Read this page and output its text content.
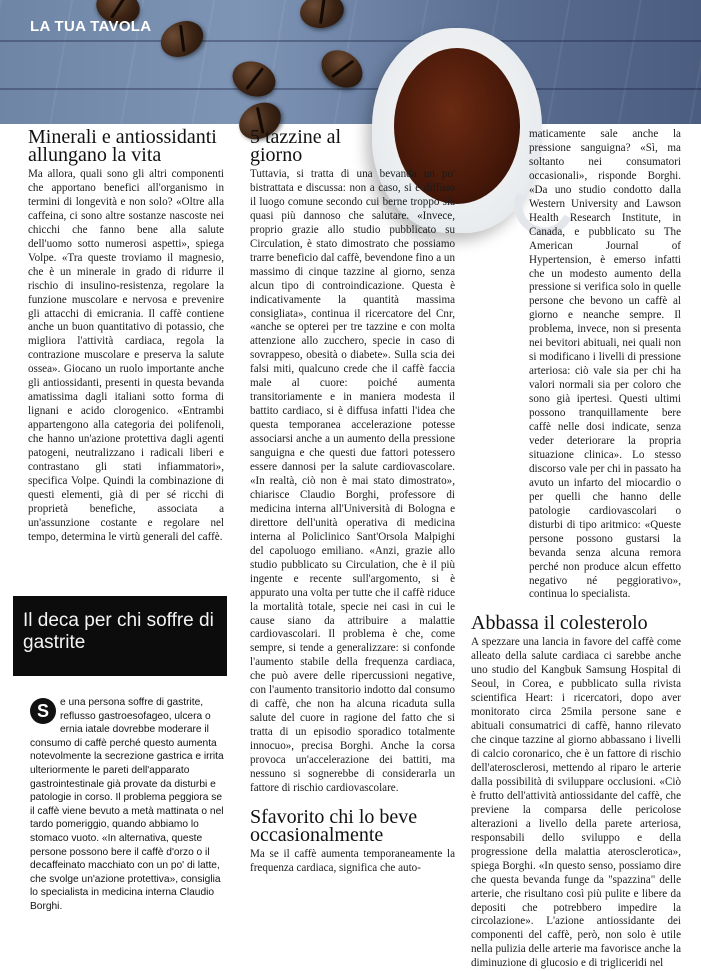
LA TUA TAVOLA
Minerali e antiossidanti allungano la vita

Ma allora, quali sono gli altri componenti che apportano benefici all'organismo in termini di longevità e non solo? «Oltre alla caffeina, ci sono altre sostanze nascoste nei chicchi che fanno bene alla salute dell'uomo sotto numerosi aspetti», spiega Volpe. «Tra queste troviamo il magnesio, che è un minerale in grado di ridurre il rischio di insulino-resistenza, regolare la funzione muscolare e nervosa e prevenire gli attacchi di emicrania. Il caffè contiene anche un buon quantitativo di potassio, che migliora l'attività cardiaca, regola la contrazione muscolare e preserva la salute ossea». Giocano un ruolo importante anche gli antiossidanti, presenti in questa bevanda amatissima dagli italiani sotto forma di lignani e acido clorogenico. «Entrambi appartengono alla categoria dei polifenoli, che hanno un'azione protettiva dagli agenti patogeni, neutralizzano i radicali liberi e contrastano gli stati infiammatori», specifica Volpe. Quindi la combinazione di questi elementi, già di per sé ricchi di proprietà benefiche, associata a un'assunzione costante e regolare nel tempo, determina le virtù generali del caffè.

Il deca per chi soffre di gastrite
S	e una persona soffre di gastrite, reflusso gastroesofageo, ulcera o ernia iatale dovrebbe moderare il consumo di caffè perché questo aumenta notevolmente la secrezione gastrica e irrita ulteriormente le pareti dell'apparato gastrointestinale già provate da disturbi e patologie in corso. Il problema peggiora se il caffè viene bevuto a metà mattinata o nel tardo pomeriggio, quando abbiamo lo stomaco vuoto. «In alternativa, queste persone possono bere il caffè d'orzo o il decaffeinato macchiato con un po' di latte, che svolge un'azione protettiva», consiglia lo specialista in medicina interna Claudio Borghi.
5 tazzine al giorno

Tuttavia, si tratta di una bevanda un po' bistrattata e discussa: non a caso, si è diffuso il luogo comune secondo cui berne troppo sia quasi più dannoso che salutare. «Invece, proprio grazie allo studio pubblicato su Circulation, è stato dimostrato che possiamo trarre beneficio dal caffè, bevendone fino a un massimo di cinque tazzine al giorno, senza alcun tipo di controindicazione. Questa è indicativamente la quantità massima consigliata», continua il ricercatore del Cnr, «anche se opterei per tre tazzine e con molta attenzione allo zucchero, specie in caso di sovrappeso, obesità o diabete». Sulla scia dei falsi miti, qualcuno crede che il caffè faccia male al cuore: poiché aumenta transitoriamente e in maniera modesta il battito cardiaco, si è diffusa infatti l'idea che questa temporanea accelerazione potesse associarsi anche a un aumento della pressione sanguigna e che questi due fattori potessero essere dannosi per la salute cardiovascolare. «In realtà, ciò non è mai stato dimostrato», chiarisce Claudio Borghi, professore di medicina interna all'Università di Bologna e direttore dell'unità operativa di medicina interna al Policlinico Sant'Orsola Malpighi del capoluogo emiliano. «Anzi, grazie allo studio pubblicato su Circulation, che è il più ingente e recente sull'argomento, si è appurato una volta per tutte che il caffè riduce la mortalità totale, specie nei casi in cui le cause siano da attribuire a malattie cardiovascolari. Il problema è che, come sempre, si tende a generalizzare: si confonde l'aumento stabile della frequenza cardiaca, che può avere delle ripercussioni negative, con l'aumento transitorio indotto dal consumo di caffè, che non ha alcuna ricaduta sulla salute del cuore in ragione del fatto che si tratta di un episodio sporadico totalmente innocuo», precisa Borghi. Anche la corsa provoca un'accelerazione dei battiti, ma nessuno si sognerebbe di considerarla un fattore di rischio cardiovascolare.

Sfavorito chi lo beve occasionalmente

Ma se il caffè aumenta temporaneamente la frequenza cardiaca, significa che auto-

maticamente sale anche la pressione sanguigna? «Sì, ma soltanto nei consumatori occasionali», risponde Borghi. «Da uno studio condotto dalla Western University and Lawson Health Research Institute, in Canada, e pubblicato su The American Journal of Hypertension, è emerso infatti che un modesto aumento della pressione si verifica solo in quelle persone che bevono un caffè al giorno e neanche sempre. Il problema, invece, non si presenta nei bevitori abituali, nei quali non si modificano i livelli di pressione arteriosa: ciò vale sia per chi ha valori normali sia per coloro che sono già ipertesi. Questi ultimi possono tranquillamente bere caffè nelle dosi indicate, senza veder deteriorare la propria situazione clinica». Lo stesso discorso vale per chi in passato ha avuto un infarto del miocardio o per quelli che hanno delle patologie cardiovascolari o disturbi di tipo aritmico: «Queste persone possono gustarsi la bevanda senza alcuna remora perché non produce alcun effetto negativo né peggiorativo», continua lo specialista.

Abbassa il colesterolo

A spezzare una lancia in favore del caffè come alleato della salute cardiaca ci sarebbe anche uno studio del Kangbuk Samsung Hospital di Seoul, in Corea, e pubblicato sulla rivista scientifica Heart: i ricercatori, dopo aver monitorato circa 25mila persone sane e abituali consumatrici di caffè, hanno rilevato che cinque tazzine al giorno abbassano i livelli di calcio coronarico, che è un fattore di rischio dell'aterosclerosi, mettendo al riparo le arterie dalla possibilità di sviluppare occlusioni. «Ciò è frutto dell'attività antiossidante del caffè, che previene la comparsa delle pericolose alterazioni a livello della parete arteriosa, responsabili dello sviluppo e della progressione della malattia aterosclerotica», spiega Borghi. «In questo senso, possiamo dire che questa bevanda funge da "spazzina" delle arterie, che risultano così più pulite e libere da depositi che potrebbero impedire la circolazione». L'azione antiossidante dei componenti del caffè, però, non solo è utile nella pulizia delle arterie ma favorisce anche la diminuzione di glucosio e di trigliceridi nel
